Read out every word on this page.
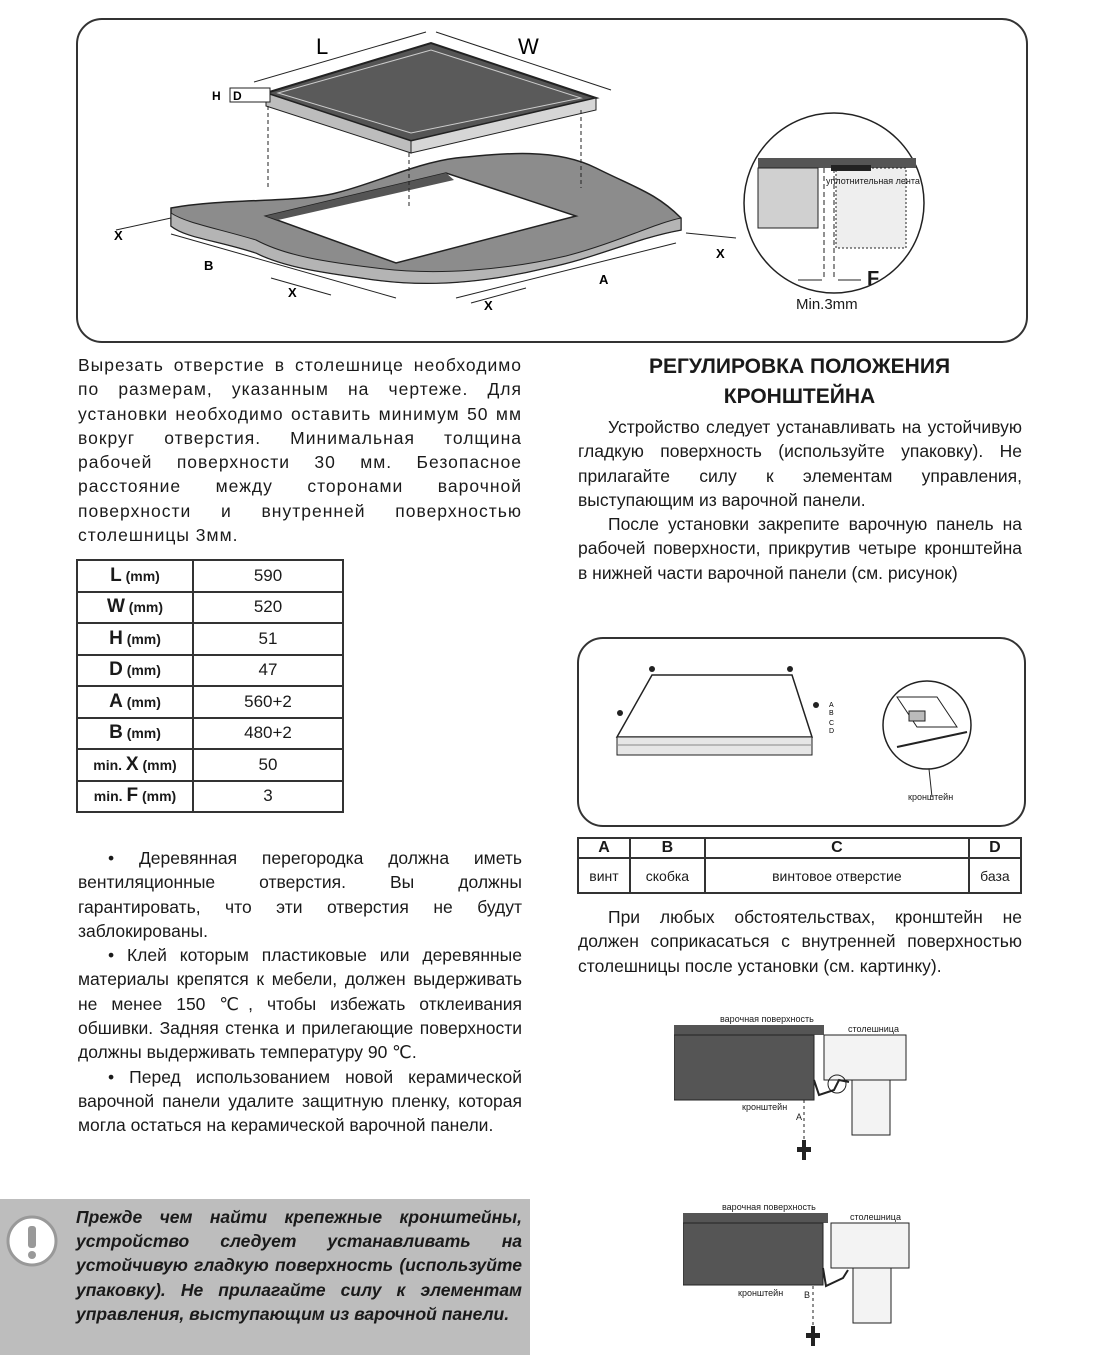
L	W
H D
X
B
X
A
X
X
уплотнительная лента
F
Min.3mm
Вырезать отверстие в столешнице необходимо по размерам, указанным на чертеже. Для установки необходимо оставить минимум 50 мм вокруг отверстия. Минимальная толщина рабочей поверхности 30 мм. Безопасное расстояние между сторонами варочной поверхности и внутренней поверхностью столешницы 3мм.
L (mm)	590
W (mm)	520
H (mm)	51
D (mm)	47
A (mm)	560+2
B (mm)	480+2
min. X (mm)	50
min. F (mm)	3

• Деревянная перегородка должна иметь вентиляционные отверстия. Вы должны гарантировать, что эти отверстия не будут заблокированы.

• Клей которым пластиковые или деревянные материалы крепятся к мебели, должен выдерживать не менее 150 ℃, чтобы избежать отклеивания обшивки. Задняя стенка и прилегающие поверхности должны выдерживать температуру 90 ℃.

• Перед использованием новой керамической варочной панели удалите защитную пленку, которая могла остаться на керамической варочной панели.

Прежде чем найти крепежные кронштейны, устройство следует устанавливать на устойчивую гладкую поверхность (используйте упаковку). Не прилагайте силу к элементам управления, выступающим из варочной панели.
РЕГУЛИРОВКА ПОЛОЖЕНИЯ
КРОНШТЕЙНА

Устройство следует устанавливать на устойчивую гладкую поверхность (используйте упаковку). Не прилагайте силу к элементам управления, выступающим из варочной панели.

После установки закрепите варочную панель на рабочей поверхности, прикрутив четыре кронштейна в нижней части варочной панели (см. рисунок)

A
B
C
D
кронштейн
A	B	C	D
винт	скобка	винтовое отверстие	база

При любых обстоятельствах, кронштейн не должен соприкасаться с внутренней поверхностью столешницы после установки (см. картинку).

варочная поверхность
столешница
кронштейн
A
варочная поверхность
столешница
кронштейн B
